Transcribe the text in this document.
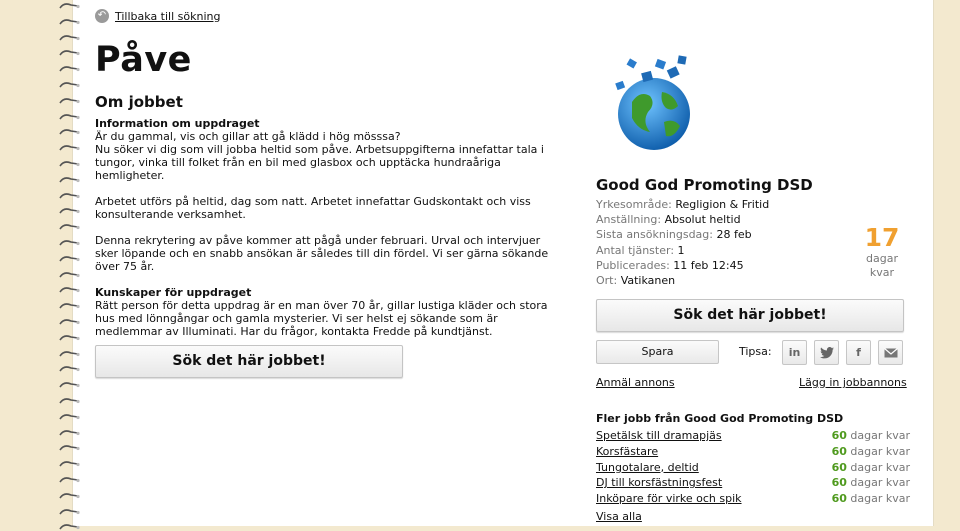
↶ Tillbaka till sökning
Påve
Om jobbet
Information om uppdraget

Är du gammal, vis och gillar att gå klädd i hög mösssa?
Nu söker vi dig som vill jobba heltid som påve. Arbetsuppgifterna innefattar tala i tungor, vinka till folket från en bil med glasbox och upptäcka hundraåriga hemligheter.

Arbetet utförs på heltid, dag som natt. Arbetet innefattar Gudskontakt och viss konsulterande verksamhet.

Denna rekrytering av påve kommer att pågå under februari. Urval och intervjuer sker löpande och en snabb ansökan är således till din fördel. Vi ser gärna sökande över 75 år.

Kunskaper för uppdraget

Rätt person för detta uppdrag är en man över 70 år, gillar lustiga kläder och stora hus med lönngångar och gamla mysterier. Vi ser helst ej sökande som är medlemmar av Illuminati. Har du frågor, kontakta Fredde på kundtjänst.

Sök det här jobbet!
Good God Promoting DSD
Yrkesområde: Regligion & Fritid
Anställning: Absolut heltid
Sista ansökningsdag: 28 feb
Antal tjänster: 1
Publicerades: 11 feb 12:45
Ort: Vatikanen
17
dagar
kvar
Sök det här jobbet!
Spara	Tipsa: in	f
Anmäl annons	Lägg in jobbannons
Fler jobb från Good God Promoting DSD
Spetälsk till dramapjäs	60 dagar kvar
Korsfästare	60 dagar kvar
Tungotalare, deltid	60 dagar kvar
DJ till korsfästningsfest	60 dagar kvar
Inköpare för virke och spik	60 dagar kvar
Visa alla
